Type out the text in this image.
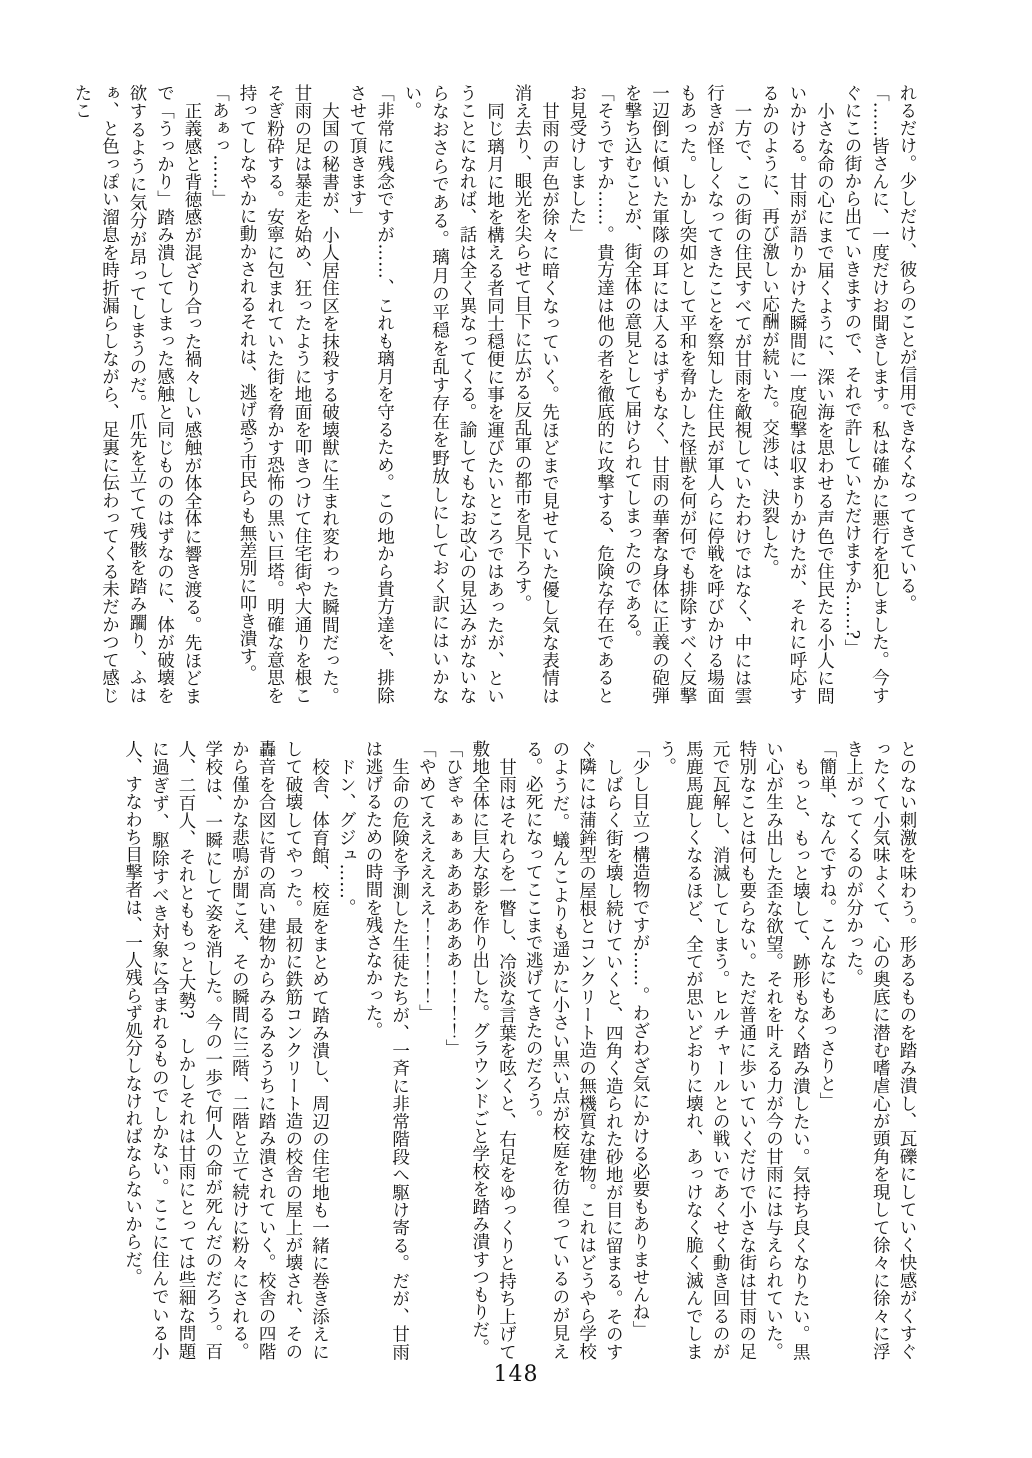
れるだけ。少しだけ、彼らのことが信用できなくなってきている。

「……皆さんに、一度だけお聞きします。私は確かに悪行を犯しました。今すぐにこの街から出ていきますので、それで許していただけますか……?」

小さな命の心にまで届くように、深い海を思わせる声色で住民たる小人に問いかける。甘雨が語りかけた瞬間に一度砲撃は収まりかけたが、それに呼応するかのように、再び激しい応酬が続いた。交渉は、決裂した。

一方で、この街の住民すべてが甘雨を敵視していたわけではなく、中には雲行きが怪しくなってきたことを察知した住民が軍人らに停戦を呼びかける場面もあった。しかし突如として平和を脅かした怪獣を何が何でも排除すべく反撃一辺倒に傾いた軍隊の耳には入るはずもなく、甘雨の華奢な身体に正義の砲弾を撃ち込むことが、街全体の意見として届けられてしまったのである。

「そうですか……。貴方達は他の者を徹底的に攻撃する、危険な存在であるとお見受けしました」

甘雨の声色が徐々に暗くなっていく。先ほどまで見せていた優し気な表情は消え去り、眼光を尖らせて目下に広がる反乱軍の都市を見下ろす。

同じ璃月に地を構える者同士穏便に事を運びたいところではあったが、ということになれば、話は全く異なってくる。諭してもなお改心の見込みがないならなおさらである。璃月の平穏を乱す存在を野放しにしておく訳にはいかない。

「非常に残念ですが……、これも璃月を守るため。この地から貴方達を、排除させて頂きます」

大国の秘書が、小人居住区を抹殺する破壊獣に生まれ変わった瞬間だった。甘雨の足は暴走を始め、狂ったように地面を叩きつけて住宅街や大通りを根こそぎ粉砕する。安寧に包まれていた街を脅かす恐怖の黒い巨塔。明確な意思を持ってしなやかに動かされるそれは、逃げ惑う市民らも無差別に叩き潰す。

「あぁっ……」

正義感と背徳感が混ざり合った禍々しい感触が体全体に響き渡る。先ほどまで「うっかり」踏み潰してしまった感触と同じもののはずなのに、体が破壊を欲するように気分が昂ってしまうのだ。爪先を立てて残骸を踏み躙り、ふはぁ、と色っぽい溜息を時折漏らしながら、足裏に伝わってくる未だかつて感じたこ

とのない刺激を味わう。形あるものを踏み潰し、瓦礫にしていく快感がくすぐったくて小気味よくて、心の奥底に潜む嗜虐心が頭角を現して徐々に徐々に浮き上がってくるのが分かった。

「簡単、なんですね。こんなにもあっさりと」

もっと、もっと壊して、跡形もなく踏み潰したい。気持ち良くなりたい。黒い心が生み出した歪な欲望。それを叶える力が今の甘雨には与えられていた。特別なことは何も要らない。ただ普通に歩いていくだけで小さな街は甘雨の足元で瓦解し、消滅してしまう。ヒルチャールとの戦いであくせく動き回るのが馬鹿馬鹿しくなるほど、全てが思いどおりに壊れ、あっけなく脆く滅んでしまう。

「少し目立つ構造物ですが……。わざわざ気にかける必要もありませんね」

しばらく街を壊し続けていくと、四角く造られた砂地が目に留まる。そのすぐ隣には蒲鉾型の屋根とコンクリート造の無機質な建物。これはどうやら学校のようだ。蟻んこよりも遥かに小さい黒い点が校庭を彷徨っているのが見える。必死になってここまで逃げてきたのだろう。

甘雨はそれらを一瞥し、冷淡な言葉を呟くと、右足をゆっくりと持ち上げて敷地全体に巨大な影を作り出した。グラウンドごと学校を踏み潰すつもりだ。

「ひぎゃぁぁぁああああああ！！！！」

「やめてええええええ！！！！！」

生命の危険を予測した生徒たちが、一斉に非常階段へ駆け寄る。だが、甘雨は逃げるための時間を残さなかった。

ドン、グジュ……。

校舎、体育館、校庭をまとめて踏み潰し、周辺の住宅地も一緒に巻き添えにして破壊してやった。最初に鉄筋コンクリート造の校舎の屋上が壊され、その轟音を合図に背の高い建物からみるみるうちに踏み潰されていく。校舎の四階から僅かな悲鳴が聞こえ、その瞬間に三階、二階と立て続けに粉々にされる。学校は、一瞬にして姿を消した。今の一歩で何人の命が死んだのだろう。百人、二百人、それとももっと大勢?　しかしそれは甘雨にとっては些細な問題に過ぎず、駆除すべき対象に含まれるものでしかない。ここに住んでいる小人、すなわち目撃者は、一人残らず処分しなければならないからだ。

148
